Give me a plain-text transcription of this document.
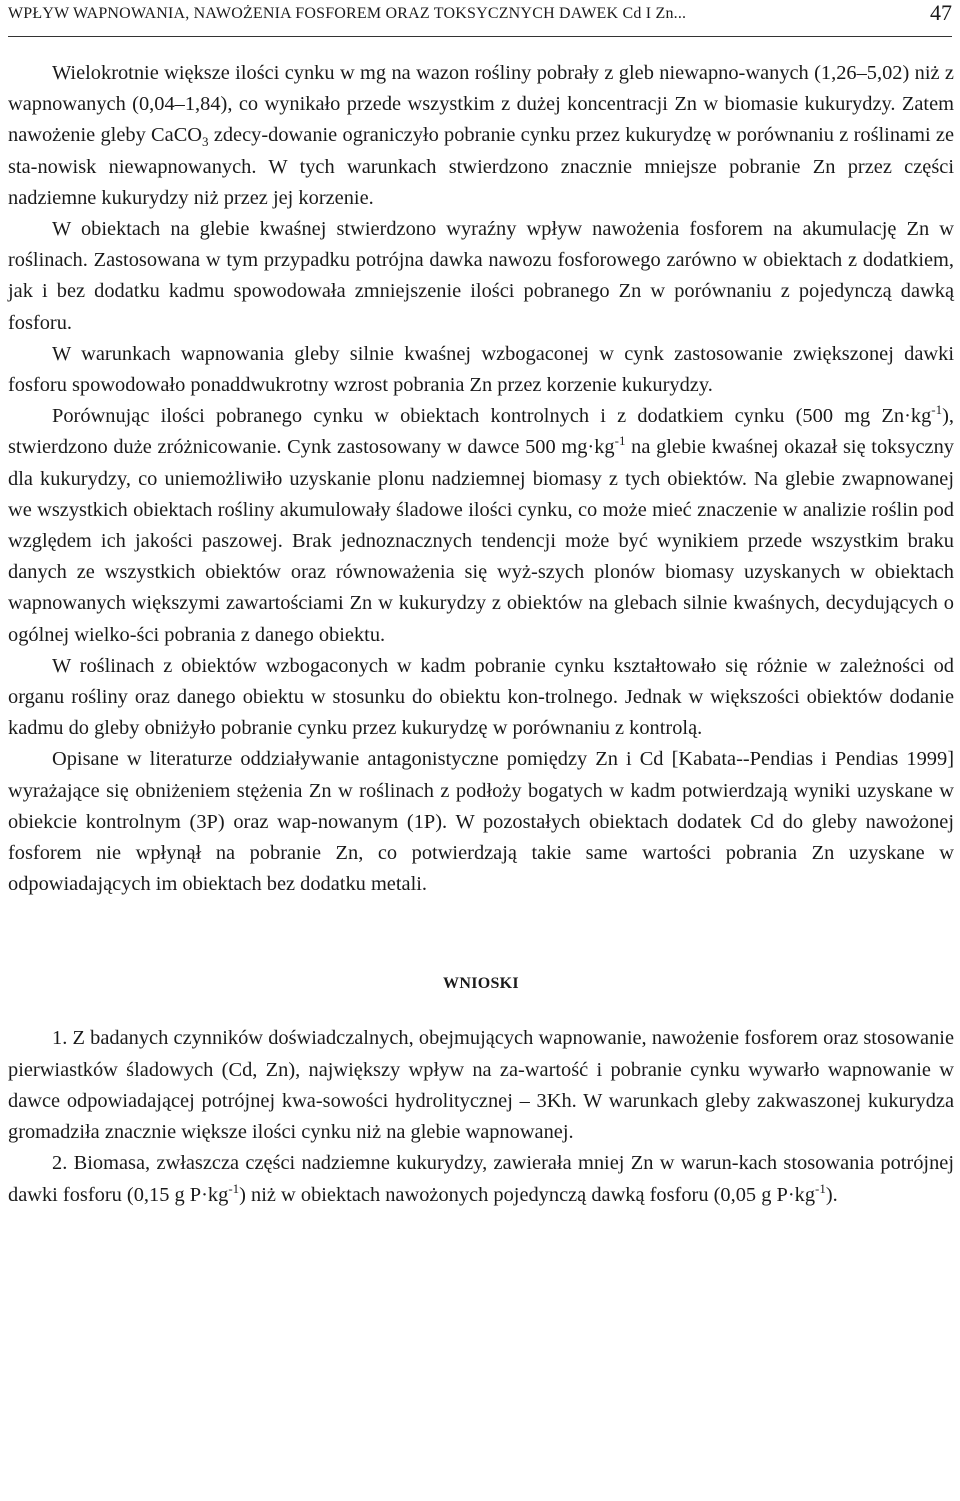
WPŁYW WAPNOWANIA, NAWOŻENIA FOSFOREM ORAZ TOKSYCZNYCH DAWEK Cd I Zn...	47

Wielokrotnie większe ilości cynku w mg na wazon rośliny pobrały z gleb niewapno-wanych (1,26–5,02) niż z wapnowanych (0,04–1,84), co wynikało przede wszystkim z dużej koncentracji Zn w biomasie kukurydzy. Zatem nawożenie gleby CaCO$_3$ zdecy-dowanie ograniczyło pobranie cynku przez kukurydzę w porównaniu z roślinami ze sta-nowisk niewapnowanych. W tych warunkach stwierdzono znacznie mniejsze pobranie Zn przez części nadziemne kukurydzy niż przez jej korzenie.

W obiektach na glebie kwaśnej stwierdzono wyraźny wpływ nawożenia fosforem na akumulację Zn w roślinach. Zastosowana w tym przypadku potrójna dawka nawozu fosforowego zarówno w obiektach z dodatkiem, jak i bez dodatku kadmu spowodowała zmniejszenie ilości pobranego Zn w porównaniu z pojedynczą dawką fosforu.

W warunkach wapnowania gleby silnie kwaśnej wzbogaconej w cynk zastosowanie zwiększonej dawki fosforu spowodowało ponaddwukrotny wzrost pobrania Zn przez korzenie kukurydzy.

Porównując ilości pobranego cynku w obiektach kontrolnych i z dodatkiem cynku (500 mg $Zn\cdot kg^{-1}$), stwierdzono duże zróżnicowanie. Cynk zastosowany w dawce 500 $mg\cdot kg^{-1}$ na glebie kwaśnej okazał się toksyczny dla kukurydzy, co uniemożliwiło uzyskanie plonu nadziemnej biomasy z tych obiektów. Na glebie zwapnowanej we wszystkich obiektach rośliny akumulowały śladowe ilości cynku, co może mieć znaczenie w analizie roślin pod względem ich jakości paszowej. Brak jednoznacznych tendencji może być wynikiem przede wszystkim braku danych ze wszystkich obiektów oraz równoważenia się wyż-szych plonów biomasy uzyskanych w obiektach wapnowanych większymi zawartościami Zn w kukurydzy z obiektów na glebach silnie kwaśnych, decydujących o ogólnej wielko-ści pobrania z danego obiektu.

W roślinach z obiektów wzbogaconych w kadm pobranie cynku kształtowało się różnie w zależności od organu rośliny oraz danego obiektu w stosunku do obiektu kon-trolnego. Jednak w większości obiektów dodanie kadmu do gleby obniżyło pobranie cynku przez kukurydzę w porównaniu z kontrolą.

Opisane w literaturze oddziaływanie antagonistyczne pomiędzy Zn i Cd [Kabata--Pendias i Pendias 1999] wyrażające się obniżeniem stężenia Zn w roślinach z podłoży bogatych w kadm potwierdzają wyniki uzyskane w obiekcie kontrolnym (3P) oraz wap-nowanym (1P). W pozostałych obiektach dodatek Cd do gleby nawożonej fosforem nie wpłynął na pobranie Zn, co potwierdzają takie same wartości pobrania Zn uzyskane w odpowiadających im obiektach bez dodatku metali.

WNIOSKI

1. Z badanych czynników doświadczalnych, obejmujących wapnowanie, nawożenie fosforem oraz stosowanie pierwiastków śladowych (Cd, Zn), największy wpływ na za-wartość i pobranie cynku wywarło wapnowanie w dawce odpowiadającej potrójnej kwa-sowości hydrolitycznej – 3Kh. W warunkach gleby zakwaszonej kukurydza gromadziła znacznie większe ilości cynku niż na glebie wapnowanej.

2. Biomasa, zwłaszcza części nadziemne kukurydzy, zawierała mniej Zn w warun-kach stosowania potrójnej dawki fosforu (0,15 g $P\cdot kg^{-1}$) niż w obiektach nawożonych pojedynczą dawką fosforu (0,05 g $P\cdot kg^{-1}$).
